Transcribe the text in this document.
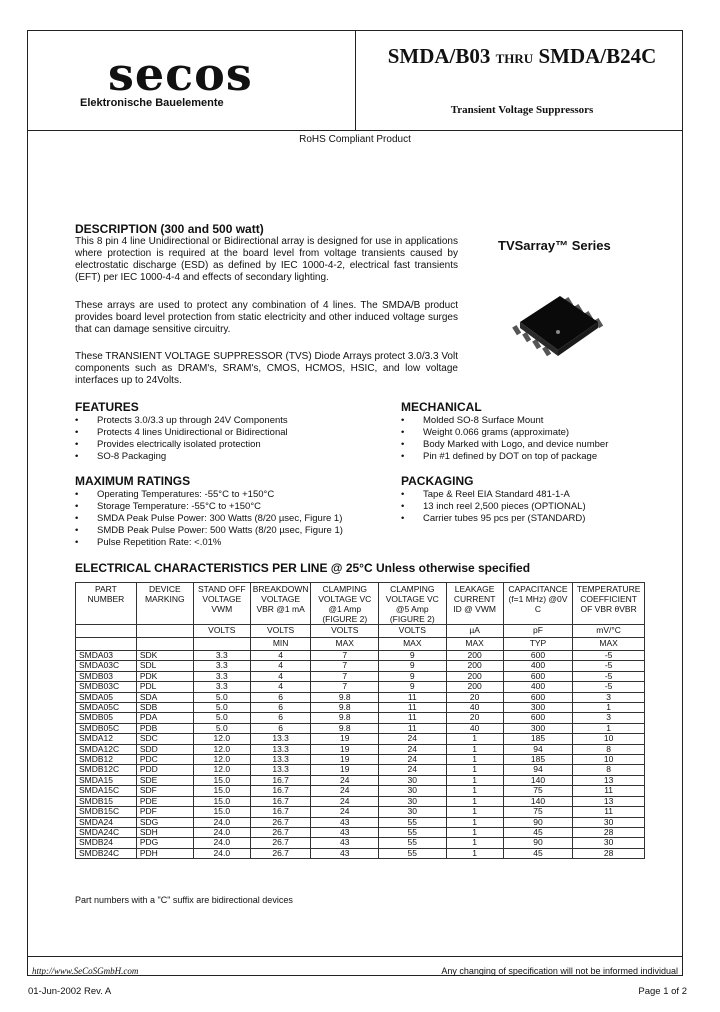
secos
Elektronische Bauelemente
SMDA/B03 THRU SMDA/B24C
Transient Voltage Suppressors
RoHS Compliant Product
DESCRIPTION (300 and 500 watt)
This 8 pin 4 line Unidirectional or Bidirectional array is designed for use in applications where protection is required at the board level from voltage transients caused by electrostatic discharge (ESD) as defined by IEC 1000-4-2, electrical fast transients (EFT) per IEC 1000-4-4 and effects of secondary lighting.
These arrays are used to protect any combination of 4 lines. The SMDA/B product provides board level protection from static electricity and other induced voltage surges that can damage sensitive circuitry.
These TRANSIENT VOLTAGE SUPPRESSOR (TVS) Diode Arrays protect 3.0/3.3 Volt components such as DRAM's, SRAM's, CMOS, HCMOS, HSIC, and low voltage interfaces up to 24Volts.
TVSarray™ Series
FEATURES
• Protects 3.0/3.3 up through 24V Components
• Protects 4 lines Unidirectional or Bidirectional
• Provides electrically isolated protection
• SO-8 Packaging
MECHANICAL
• Molded SO-8 Surface Mount
• Weight 0.066 grams (approximate)
• Body Marked with Logo, and device number
• Pin #1 defined by DOT on top of package
MAXIMUM RATINGS
• Operating Temperatures: -55°C to +150°C
• Storage Temperature: -55°C to +150°C
• SMDA Peak Pulse Power: 300 Watts (8/20 µsec, Figure 1)
• SMDB Peak Pulse Power: 500 Watts (8/20 µsec, Figure 1)
• Pulse Repetition Rate: <.01%
PACKAGING
• Tape & Reel EIA Standard 481-1-A
• 13 inch reel 2,500 pieces (OPTIONAL)
• Carrier tubes 95 pcs per (STANDARD)
ELECTRICAL CHARACTERISTICS PER LINE @ 25°C Unless otherwise specified
PART NUMBER	DEVICE MARKING	STAND OFF VOLTAGE VWM	BREAKDOWN VOLTAGE VBR @1 mA	CLAMPING VOLTAGE VC @1 Amp (FIGURE 2)	CLAMPING VOLTAGE VC @5 Amp (FIGURE 2)	LEAKAGE CURRENT ID @ VWM	CAPACITANCE (f=1 MHz) @0V C	TEMPERATURE COEFFICIENT OF VBR θVBR
		VOLTS	VOLTS	VOLTS	VOLTS	µA	pF	mV/°C
			MIN	MAX	MAX	MAX	TYP	MAX
SMDA03	SDK	3.3	4	7	9	200	600	-5
SMDA03C	SDL	3.3	4	7	9	200	400	-5
SMDB03	PDK	3.3	4	7	9	200	600	-5
SMDB03C	PDL	3.3	4	7	9	200	400	-5
SMDA05	SDA	5.0	6	9.8	11	20	600	3
SMDA05C	SDB	5.0	6	9.8	11	40	300	1
SMDB05	PDA	5.0	6	9.8	11	20	600	3
SMDB05C	PDB	5.0	6	9.8	11	40	300	1
SMDA12	SDC	12.0	13.3	19	24	1	185	10
SMDA12C	SDD	12.0	13.3	19	24	1	94	8
SMDB12	PDC	12.0	13.3	19	24	1	185	10
SMDB12C	PDD	12.0	13.3	19	24	1	94	8
SMDA15	SDE	15.0	16.7	24	30	1	140	13
SMDA15C	SDF	15.0	16.7	24	30	1	75	11
SMDB15	PDE	15.0	16.7	24	30	1	140	13
SMDB15C	PDF	15.0	16.7	24	30	1	75	11
SMDA24	SDG	24.0	26.7	43	55	1	90	30
SMDA24C	SDH	24.0	26.7	43	55	1	45	28
SMDB24	PDG	24.0	26.7	43	55	1	90	30
SMDB24C	PDH	24.0	26.7	43	55	1	45	28
Part numbers with a "C" suffix are bidirectional devices
http://www.SeCoSGmbH.com	Any changing of specification will not be informed individual
01-Jun-2002 Rev. A	Page 1 of 2
